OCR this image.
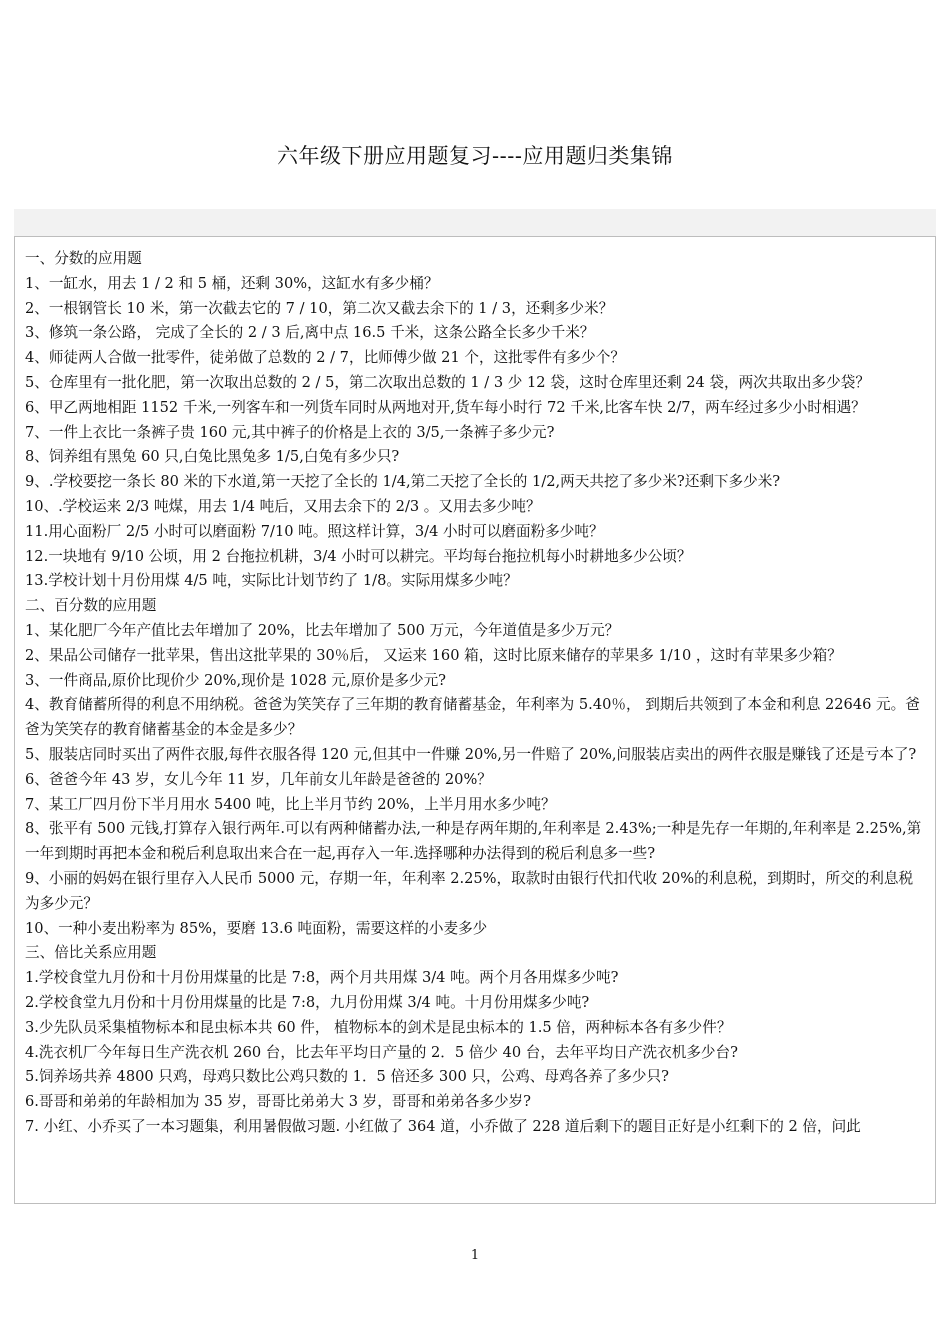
六年级下册应用题复习----应用题归类集锦
一、分数的应用题
1、一缸水，用去 1 / 2 和 5 桶，还剩 30%，这缸水有多少桶？
2、一根钢管长 10 米，第一次截去它的 7 / 10，第二次又截去余下的 1 / 3，还剩多少米？
3、修筑一条公路， 完成了全长的 2 / 3 后,离中点 16.5 千米，这条公路全长多少千米？
4、师徒两人合做一批零件，徒弟做了总数的 2 / 7，比师傅少做 21 个，这批零件有多少个？
5、仓库里有一批化肥，第一次取出总数的 2 / 5，第二次取出总数的 1 / 3 少 12 袋，这时仓库里还剩 24 袋，两次共取出多少袋？
6、甲乙两地相距 1152 千米,一列客车和一列货车同时从两地对开,货车每小时行 72 千米,比客车快 2/7，两车经过多少小时相遇？
7、一件上衣比一条裤子贵 160 元,其中裤子的价格是上衣的 3/5,一条裤子多少元?
8、饲养组有黑兔 60 只,白兔比黑兔多 1/5,白兔有多少只?
9、.学校要挖一条长 80 米的下水道,第一天挖了全长的 1/4,第二天挖了全长的 1/2,两天共挖了多少米?还剩下多少米?
10、.学校运来 2/3 吨煤，用去 1/4 吨后，又用去余下的 2/3 。又用去多少吨？
11.用心面粉厂 2/5 小时可以磨面粉 7/10 吨。照这样计算，3/4 小时可以磨面粉多少吨？
12.一块地有 9/10 公顷，用 2 台拖拉机耕，3/4 小时可以耕完。平均每台拖拉机每小时耕地多少公顷？
13.学校计划十月份用煤 4/5 吨，实际比计划节约了 1/8。实际用煤多少吨？
二、百分数的应用题
1、某化肥厂今年产值比去年增加了 20%，比去年增加了 500 万元，今年道值是多少万元？
2、果品公司储存一批苹果，售出这批苹果的 30％后， 又运来 160 箱，这时比原来储存的苹果多 1/10 ，这时有苹果多少箱？
3、一件商品,原价比现价少 20%,现价是 1028 元,原价是多少元?
4、教育储蓄所得的利息不用纳税。爸爸为笑笑存了三年期的教育储蓄基金，年利率为 5.40％， 到期后共领到了本金和利息 22646 元。爸爸为笑笑存的教育储蓄基金的本金是多少？
5、服装店同时买出了两件衣服,每件衣服各得 120 元,但其中一件赚 20%,另一件赔了 20%,问服装店卖出的两件衣服是赚钱了还是亏本了?
6、爸爸今年 43 岁，女儿今年 11 岁，几年前女儿年龄是爸爸的 20%？
7、某工厂四月份下半月用水 5400 吨，比上半月节约 20%，上半月用水多少吨？
8、张平有 500 元钱,打算存入银行两年.可以有两种储蓄办法,一种是存两年期的,年利率是 2.43%;一种是先存一年期的,年利率是 2.25%,第一年到期时再把本金和税后利息取出来合在一起,再存入一年.选择哪种办法得到的税后利息多一些?
9、小丽的妈妈在银行里存入人民币 5000 元，存期一年，年利率 2.25%，取款时由银行代扣代收 20%的利息税，到期时，所交的利息税为多少元？
10、一种小麦出粉率为 85%，要磨 13.6 吨面粉，需要这样的小麦多少
三、倍比关系应用题
1.学校食堂九月份和十月份用煤量的比是 7:8，两个月共用煤 3/4 吨。两个月各用煤多少吨?
2.学校食堂九月份和十月份用煤量的比是 7:8，九月份用煤 3/4 吨。十月份用煤多少吨?
3.少先队员采集植物标本和昆虫标本共 60 件， 植物标本的剑术是昆虫标本的 1.5 倍，两种标本各有多少件？
4.洗衣机厂今年每日生产洗衣机 260 台，比去年平均日产量的 2．5 倍少 40 台，去年平均日产洗衣机多少台?
5.饲养场共养 4800 只鸡，母鸡只数比公鸡只数的 1．5 倍还多 300 只，公鸡、母鸡各养了多少只?
6.哥哥和弟弟的年龄相加为 35 岁，哥哥比弟弟大 3 岁，哥哥和弟弟各多少岁?
7. 小红、小乔买了一本习题集，利用暑假做习题. 小红做了 364 道，小乔做了 228 道后剩下的题目正好是小红剩下的 2 倍，问此
1
